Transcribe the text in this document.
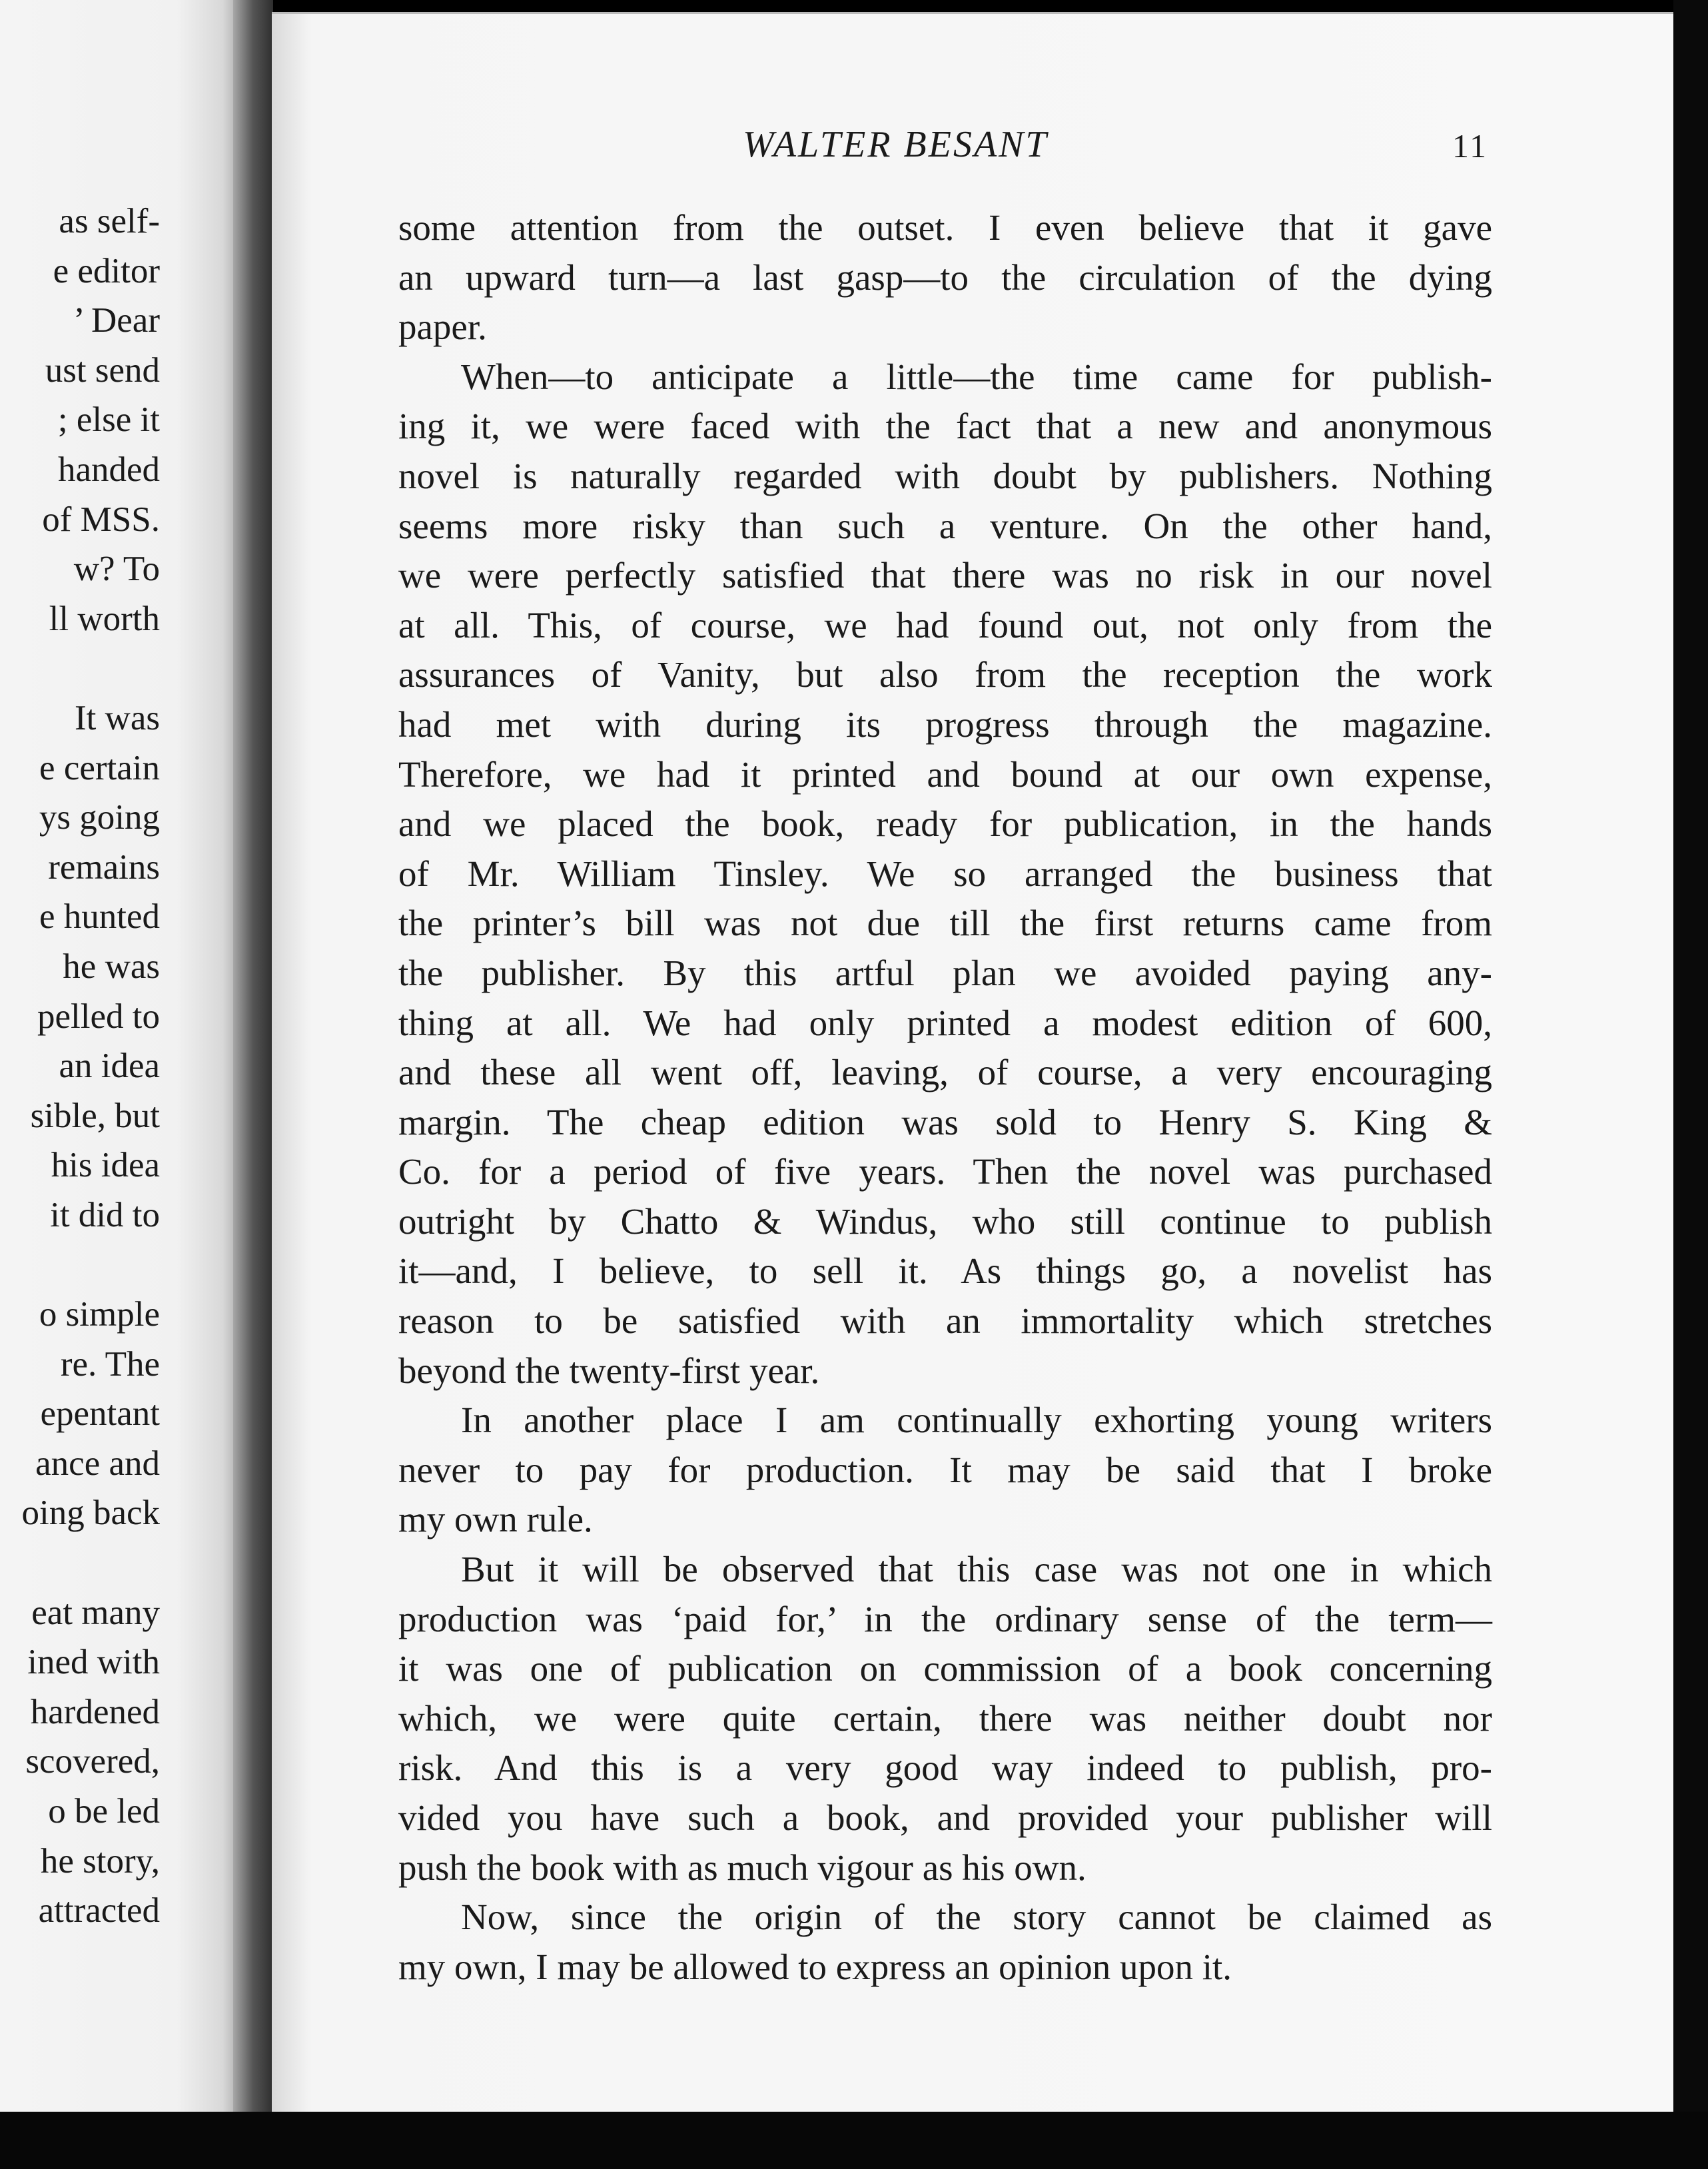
as self-
e editor
’ Dear
ust send
; else it
handed
of MSS.
w? To
ll worth
It was
e certain
ys going
remains
e hunted
he was
pelled to
an idea
sible, but
his idea
it did to
o simple
re. The
epentant
ance and
oing back
eat many
ined with
hardened
scovered,
o be led
he story,
attracted
WALTER BESANT	11
some attention from the outset. I even believe that it gave
an upward turn—a last gasp—to the circulation of the dying
paper.
When—to anticipate a little—the time came for publish-
ing it, we were faced with the fact that a new and anonymous
novel is naturally regarded with doubt by publishers. Nothing
seems more risky than such a venture. On the other hand,
we were perfectly satisfied that there was no risk in our novel
at all. This, of course, we had found out, not only from the
assurances of Vanity, but also from the reception the work
had met with during its progress through the magazine.
Therefore, we had it printed and bound at our own expense,
and we placed the book, ready for publication, in the hands
of Mr. William Tinsley. We so arranged the business that
the printer’s bill was not due till the first returns came from
the publisher. By this artful plan we avoided paying any-
thing at all. We had only printed a modest edition of 600,
and these all went off, leaving, of course, a very encouraging
margin. The cheap edition was sold to Henry S. King &
Co. for a period of five years. Then the novel was purchased
outright by Chatto & Windus, who still continue to publish
it—and, I believe, to sell it. As things go, a novelist has
reason to be satisfied with an immortality which stretches
beyond the twenty-first year.
In another place I am continually exhorting young writers
never to pay for production. It may be said that I broke
my own rule.
But it will be observed that this case was not one in which
production was ‘paid for,’ in the ordinary sense of the term—
it was one of publication on commission of a book concerning
which, we were quite certain, there was neither doubt nor
risk. And this is a very good way indeed to publish, pro-
vided you have such a book, and provided your publisher will
push the book with as much vigour as his own.
Now, since the origin of the story cannot be claimed as
my own, I may be allowed to express an opinion upon it.
